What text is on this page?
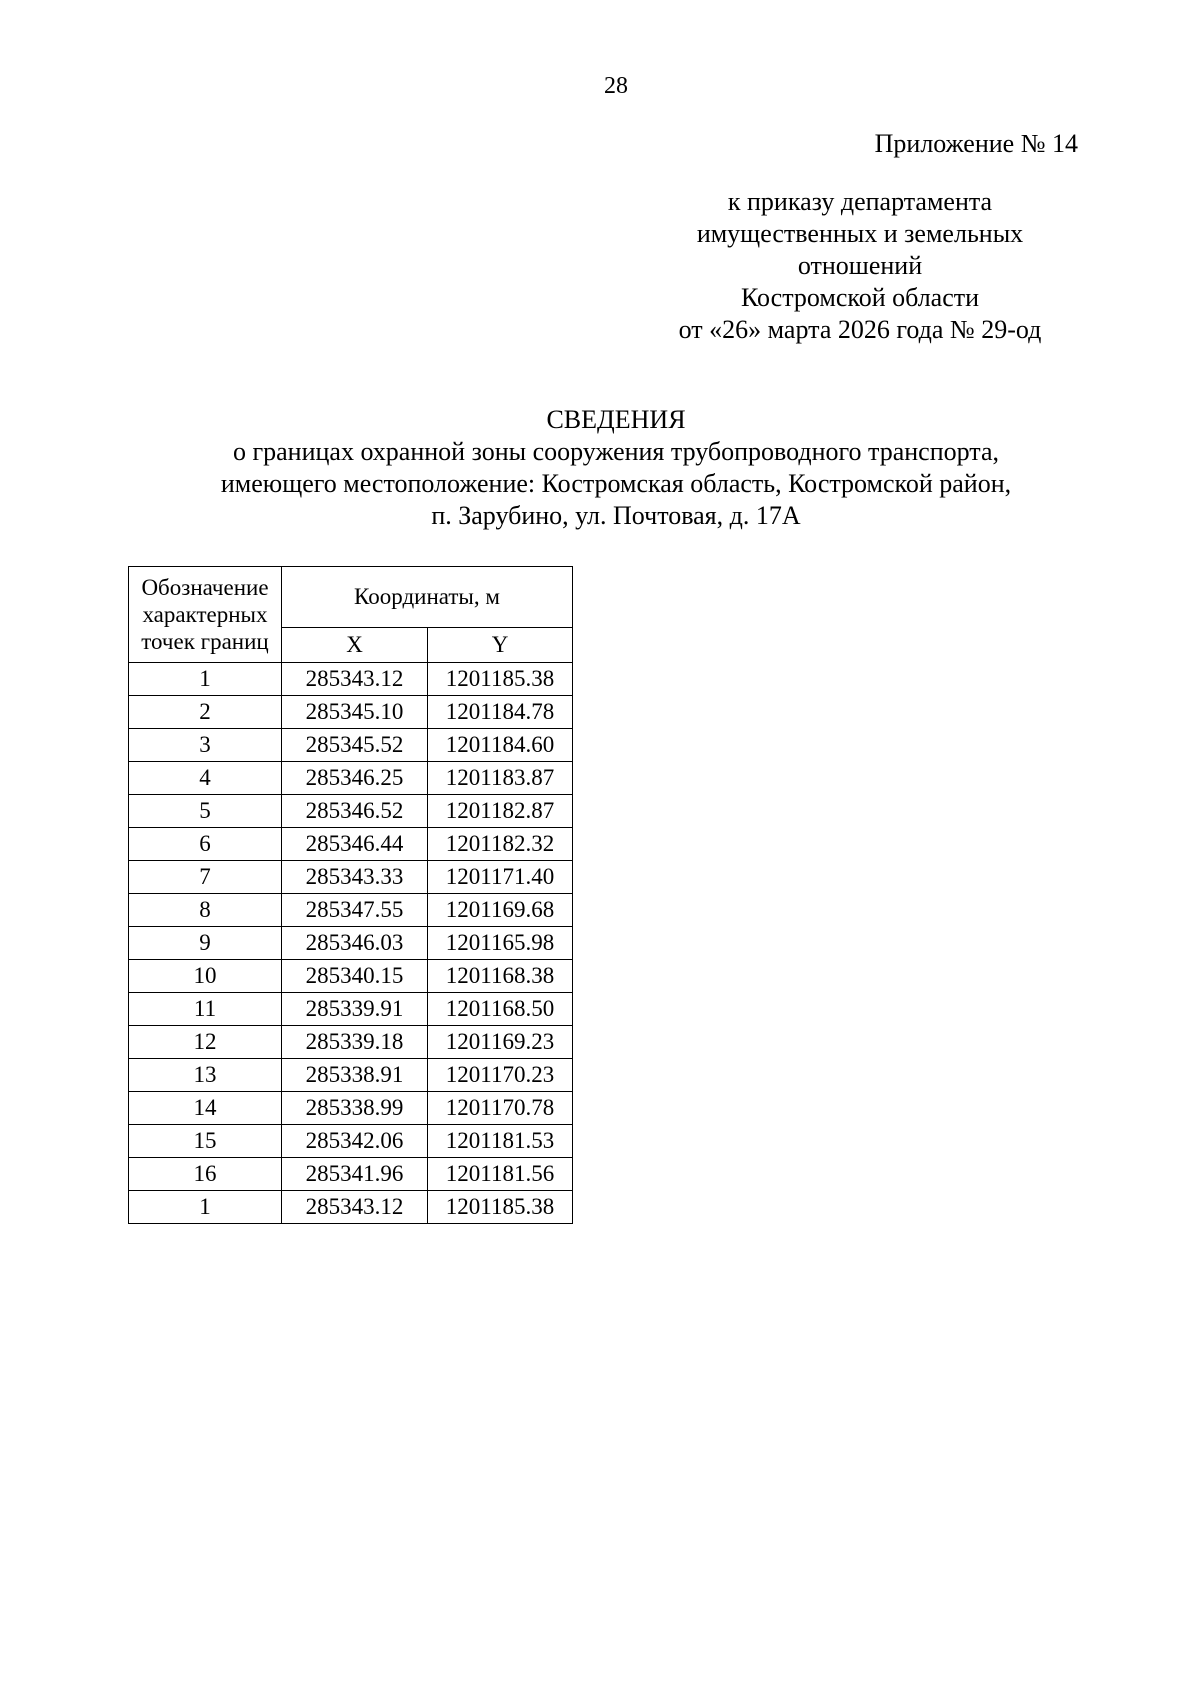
28
Приложение № 14
к приказу департамента
имущественных и земельных
отношений
Костромской области
от «26» марта 2026 года № 29-од
СВЕДЕНИЯ
о границах охранной зоны сооружения трубопроводного транспорта,
имеющего местоположение: Костромская область, Костромской район,
п. Зарубино, ул. Почтовая, д. 17А
Обозначение
характерных
точек границ	Координаты, м	
	X	Y
1	285343.12	1201185.38
2	285345.10	1201184.78
3	285345.52	1201184.60
4	285346.25	1201183.87
5	285346.52	1201182.87
6	285346.44	1201182.32
7	285343.33	1201171.40
8	285347.55	1201169.68
9	285346.03	1201165.98
10	285340.15	1201168.38
11	285339.91	1201168.50
12	285339.18	1201169.23
13	285338.91	1201170.23
14	285338.99	1201170.78
15	285342.06	1201181.53
16	285341.96	1201181.56
1	285343.12	1201185.38
